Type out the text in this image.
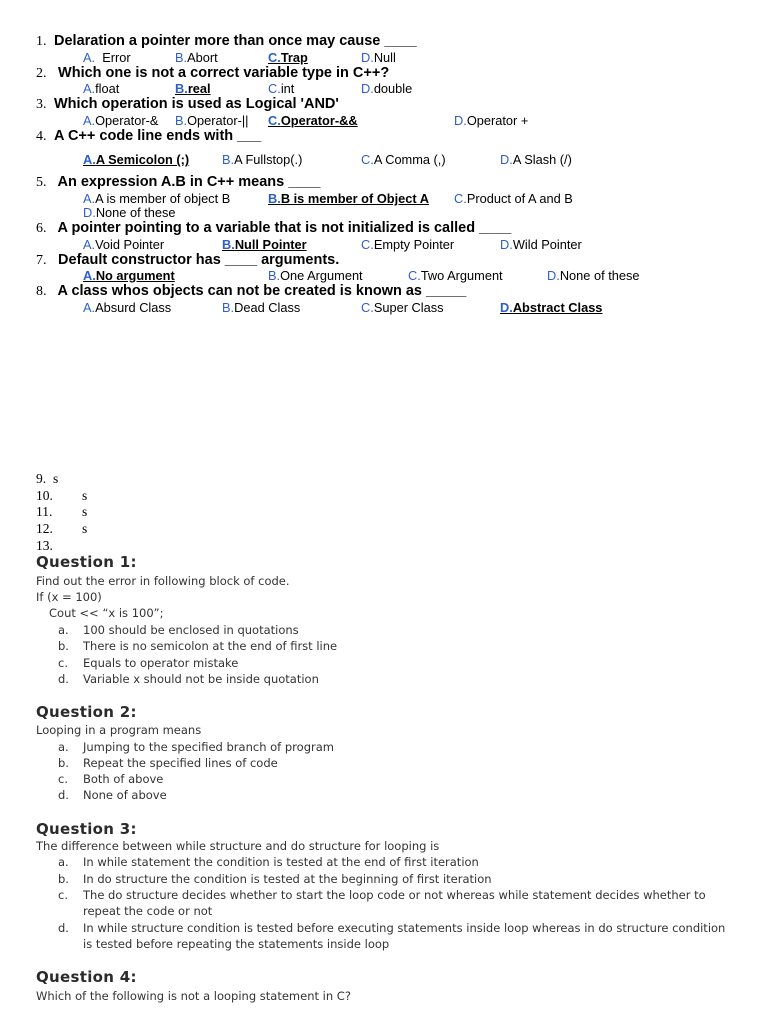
1. Delaration a pointer more than once may cause ____
A.  Error	B.Abort	C.Trap	D.Null
2. Which one is not a correct variable type in C++?
A.float	B.real	C.int	D.double
3. Which operation is used as Logical 'AND'
A.Operator-& B.Operator-|| C.Operator-&&	D.Operator +
4. A C++ code line ends with ___
A.A Semicolon (;)	B.A Fullstop(.)	C.A Comma (,)	D.A Slash (/)
5. An expression A.B in C++ means ____
A.A is member of object B	B.B is member of Object A C.Product of A and B
D.None of these
6. A pointer pointing to a variable that is not initialized is called ____
A.Void Pointer	B.Null Pointer	C.Empty Pointer	D.Wild Pointer
7. Default constructor has ____ arguments.
A.No argument	B.One Argument	C.Two Argument	D.None of these
8. A class whos objects can not be created is known as _____
A.Absurd Class	B.Dead Class	C.Super Class	D.Abstract Class
9. s
10. s
11. s
12. s
13.
Question 1:
Find out the error in following block of code.
If (x = 100)
Cout << “x is 100”;
a.100 should be enclosed in quotations
b. There is no semicolon at the end of first line
c. Equals to operator mistake
d. Variable x should not be inside quotation
Question 2:
Looping in a program means
a.Jumping to the specified branch of program
b. Repeat the specified lines of code
c. Both of above
d. None of above
Question 3:
The difference between while structure and do structure for looping is
a.In while statement the condition is tested at the end of first iteration
b. In do structure the condition is tested at the beginning of first iteration
c. The do structure decides whether to start the loop code or not whereas while statement decides whether to repeat the code or not
d. In while structure condition is tested before executing statements inside loop whereas in do structure condition is tested before repeating the statements inside loop
Question 4:
Which of the following is not a looping statement in C?
